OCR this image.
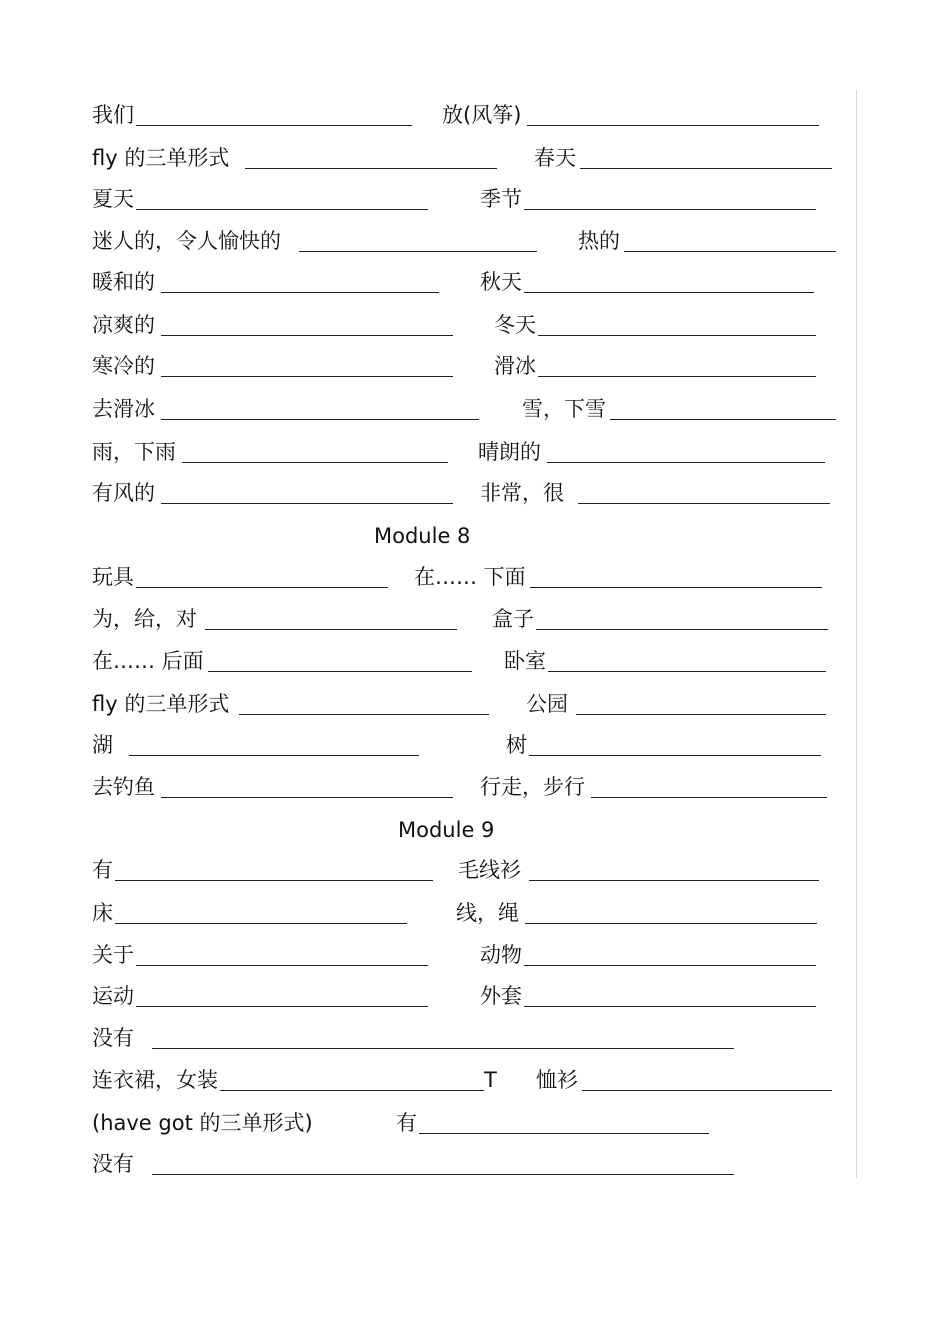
我们	放(风筝)
fly 的三单形式	春天
夏天	季节
迷人的，令人愉快的	热的
暖和的	秋天
凉爽的	冬天
寒冷的	滑冰
去滑冰	雪，下雪
雨，下雨	晴朗的
有风的	非常，很
Module 8
玩具	在…… 下面
为，给，对	盒子
在…… 后面	卧室
fly 的三单形式	公园
湖	树
去钓鱼	行走，步行
Module 9
有	毛线衫
床	线，绳
关于	动物
运动	外套
没有
连衣裙，女装	T 恤衫
(have got 的三单形式)	有
没有
